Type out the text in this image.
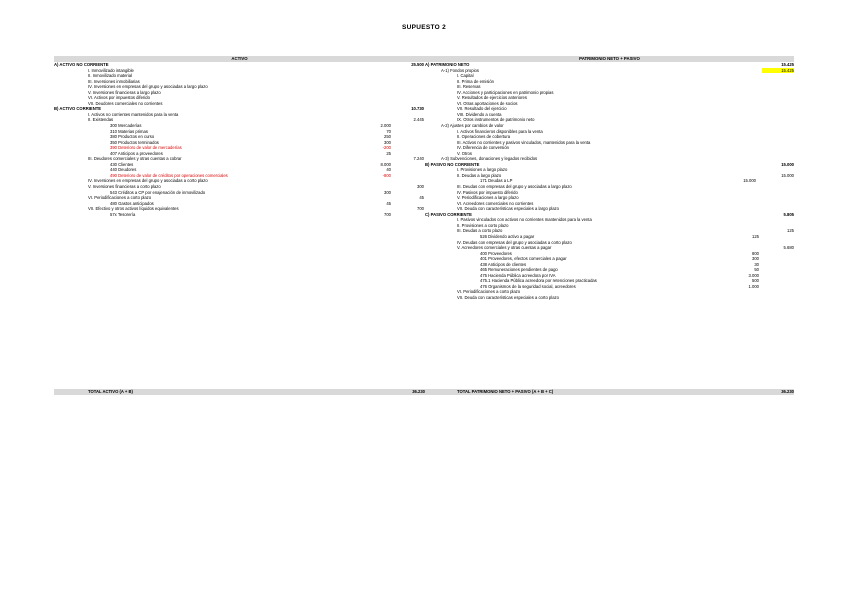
SUPUESTO 2
ACTIVO	PATRIMONIO NETO + PASIVO
A) ACTIVO NO CORRIENTE	25.500
I. Inmovilizado intangible
II. Inmovilizado material
III. Inversiones inmobiliarias
IV. Inversiones en empresas del grupo y asociadas a largo plazo
V. Inversiones financieras a largo plazo
VI. Activos por impuestos diferido
VII. Deudores comerciales no corrientes
B) ACTIVO CORRIENTE	10.730
I. Activos no corrientes mantenidos para la venta
II. Existendas	2.445
300 Mercaderías	2.000
310 Materias primas	70
380 Productos en curso	250
350 Productos terminados	300
390 Deterioro de valor de mercaderías	-200
407 Anticipos a proveedores	25
III. Deudores comerciales y otras cuentas a cobrar	7.240
430 Clientes	8.000
440 Deudores	40
490 Deterioro de valor de créditos por operaciones comerciales	-800
IV. Inversiones en empresas del grupo y asociadas a corto plazo
V. Inversiones financieras a corto plazo	300
543 Créditos a CP por enajenación de inmovilizado	300
VI. Periodificaciones a corto plazo	45
480 Gastos anticipados	45
VII. Efectivo y otros activos líquidos equivalentes	700
57x Tesorería	700
A) PATRIMONIO NETO	15.425
A-1) Fondos propios	15.425
I. Capital
II. Prima de emisión
III. Reservas
IV. Acciones y participaciones en patrimonio propias
V. Resultados de ejercicios anteriores
VI. Otras aportaciones de socios
VII. Resultado del ejercicio
VIII. Dividendo a cuenta
IX. Otros instrumentos de patrimonio neto
A-2) Ajustes por cambios de valor
I. Activos financieros disponibles para la venta
II. Operaciones de cobertura
III. Activos no corrientes y pasivos vinculados, mantenidos para la venta
IV. Diferencia de conversión
V. Otros
A-3) Subvenciones, donaciones y legados recibidos
B) PASIVO NO CORRIENTE	15.000
I. Provisiones a largo plazo
II. Deudas a largo plazo	15.000
171 Deudas a LP	15.000
III. Deudas con empresas del grupo y asociadas a largo plazo
IV. Pasivos por impuesto diferido
V. Periodificaciones a largo plazo
VI. Acreedores comerciales no corrientes
VII. Deuda con características especiales a largo plazo
C) PASIVO CORRIENTE	5.805
I. Pasivos vinculados con activos no corrientes mantenidos para la venta
II. Provisiones a corto plazo
III. Deudas a corto plazo	125
526 Dividendo activo a pagar	125
IV. Deudas con empresas del grupo y asociadas a corto plazo
V. Acreedores comerciales y otras cuentas a pagar	5.680
400 Proveedores	800
401 Proveedores, efectos comerciales a pagar	300
438 Anticipos de clientes	30
465 Remuneraciones pendientes de pago	50
475 Hacienda Pública acreedora por IVA	3.000
475.1 Hacienda Pública acreedora por retenciones practicadas	500
476 Organismos de la seguridad social, acreedores	1.000
VI. Periodificaciones a corto plazo
VII. Deuda con características especiales a corto plazo
TOTAL ACTIVO (A + B)	36.230	TOTAL PATRIMONIO NETO + PASIVO (A + B + C)	36.230
